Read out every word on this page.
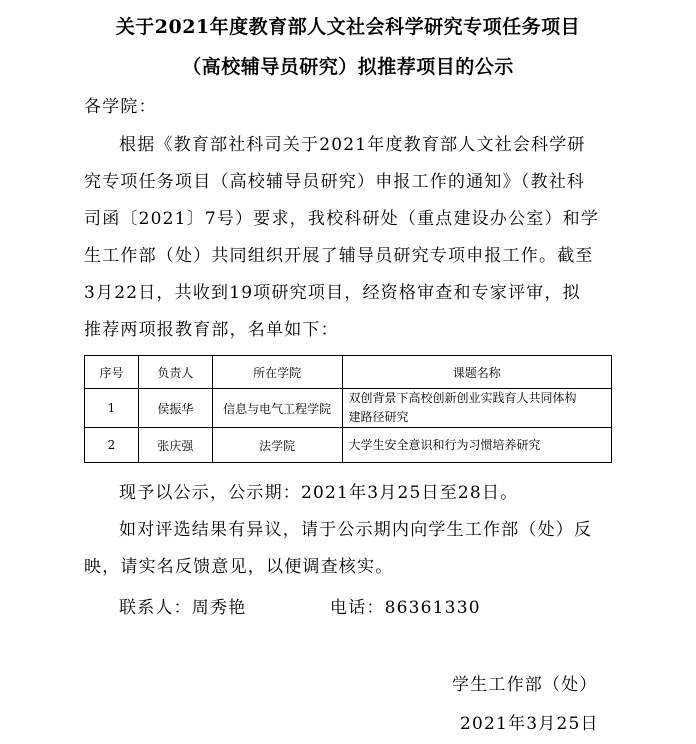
关于2021年度教育部人文社会科学研究专项任务项目
（高校辅导员研究）拟推荐项目的公示
各学院：
根据《教育部社科司关于2021年度教育部人文社会科学研
究专项任务项目（高校辅导员研究）申报工作的通知》（教社科
司函〔2021〕7号）要求，我校科研处（重点建设办公室）和学
生工作部（处）共同组织开展了辅导员研究专项申报工作。截至
3月22日，共收到19项研究项目，经资格审查和专家评审，拟
推荐两项报教育部，名单如下：
序号	负责人	所在学院	课题名称
1	侯振华	信息与电气工程学院	双创背景下高校创新创业实践育人共同体构
建路径研究

2	张庆强	法学院	大学生安全意识和行为习惯培养研究
现予以公示，公示期：2021年3月25日至28日。
如对评选结果有异议，请于公示期内向学生工作部（处）反
映，请实名反馈意见，以便调查核实。
联系人：周秀艳	电话：86361330
学生工作部（处）
2021年3月25日
